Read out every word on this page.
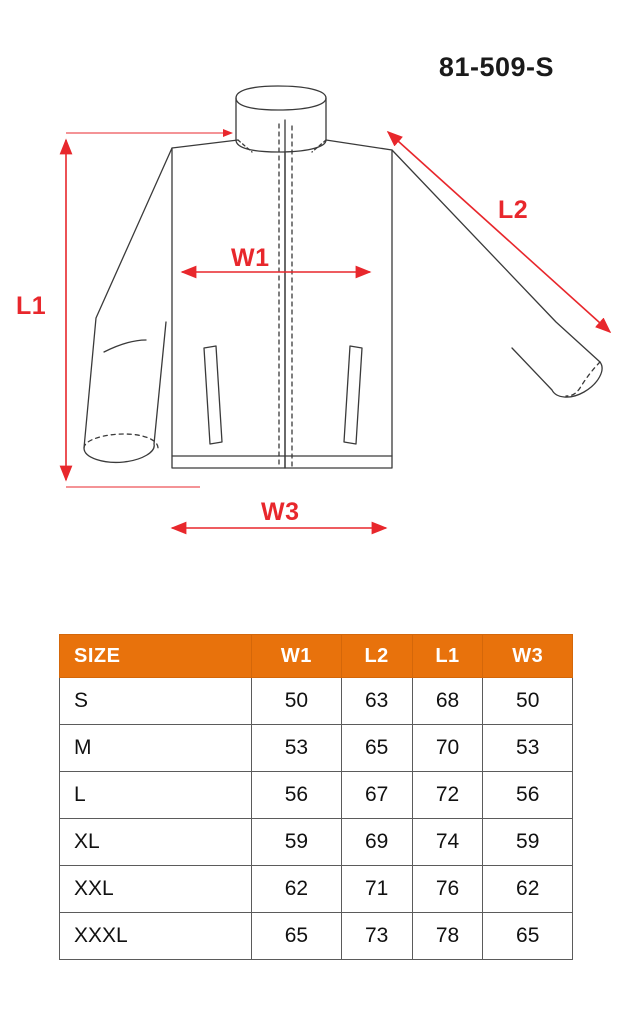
81-509-S
L1
L2
W1
W3
SIZE	W1	L2	L1	W3
S	50	63	68	50
M	53	65	70	53
L	56	67	72	56
XL	59	69	74	59
XXL	62	71	76	62
XXXL	65	73	78	65
